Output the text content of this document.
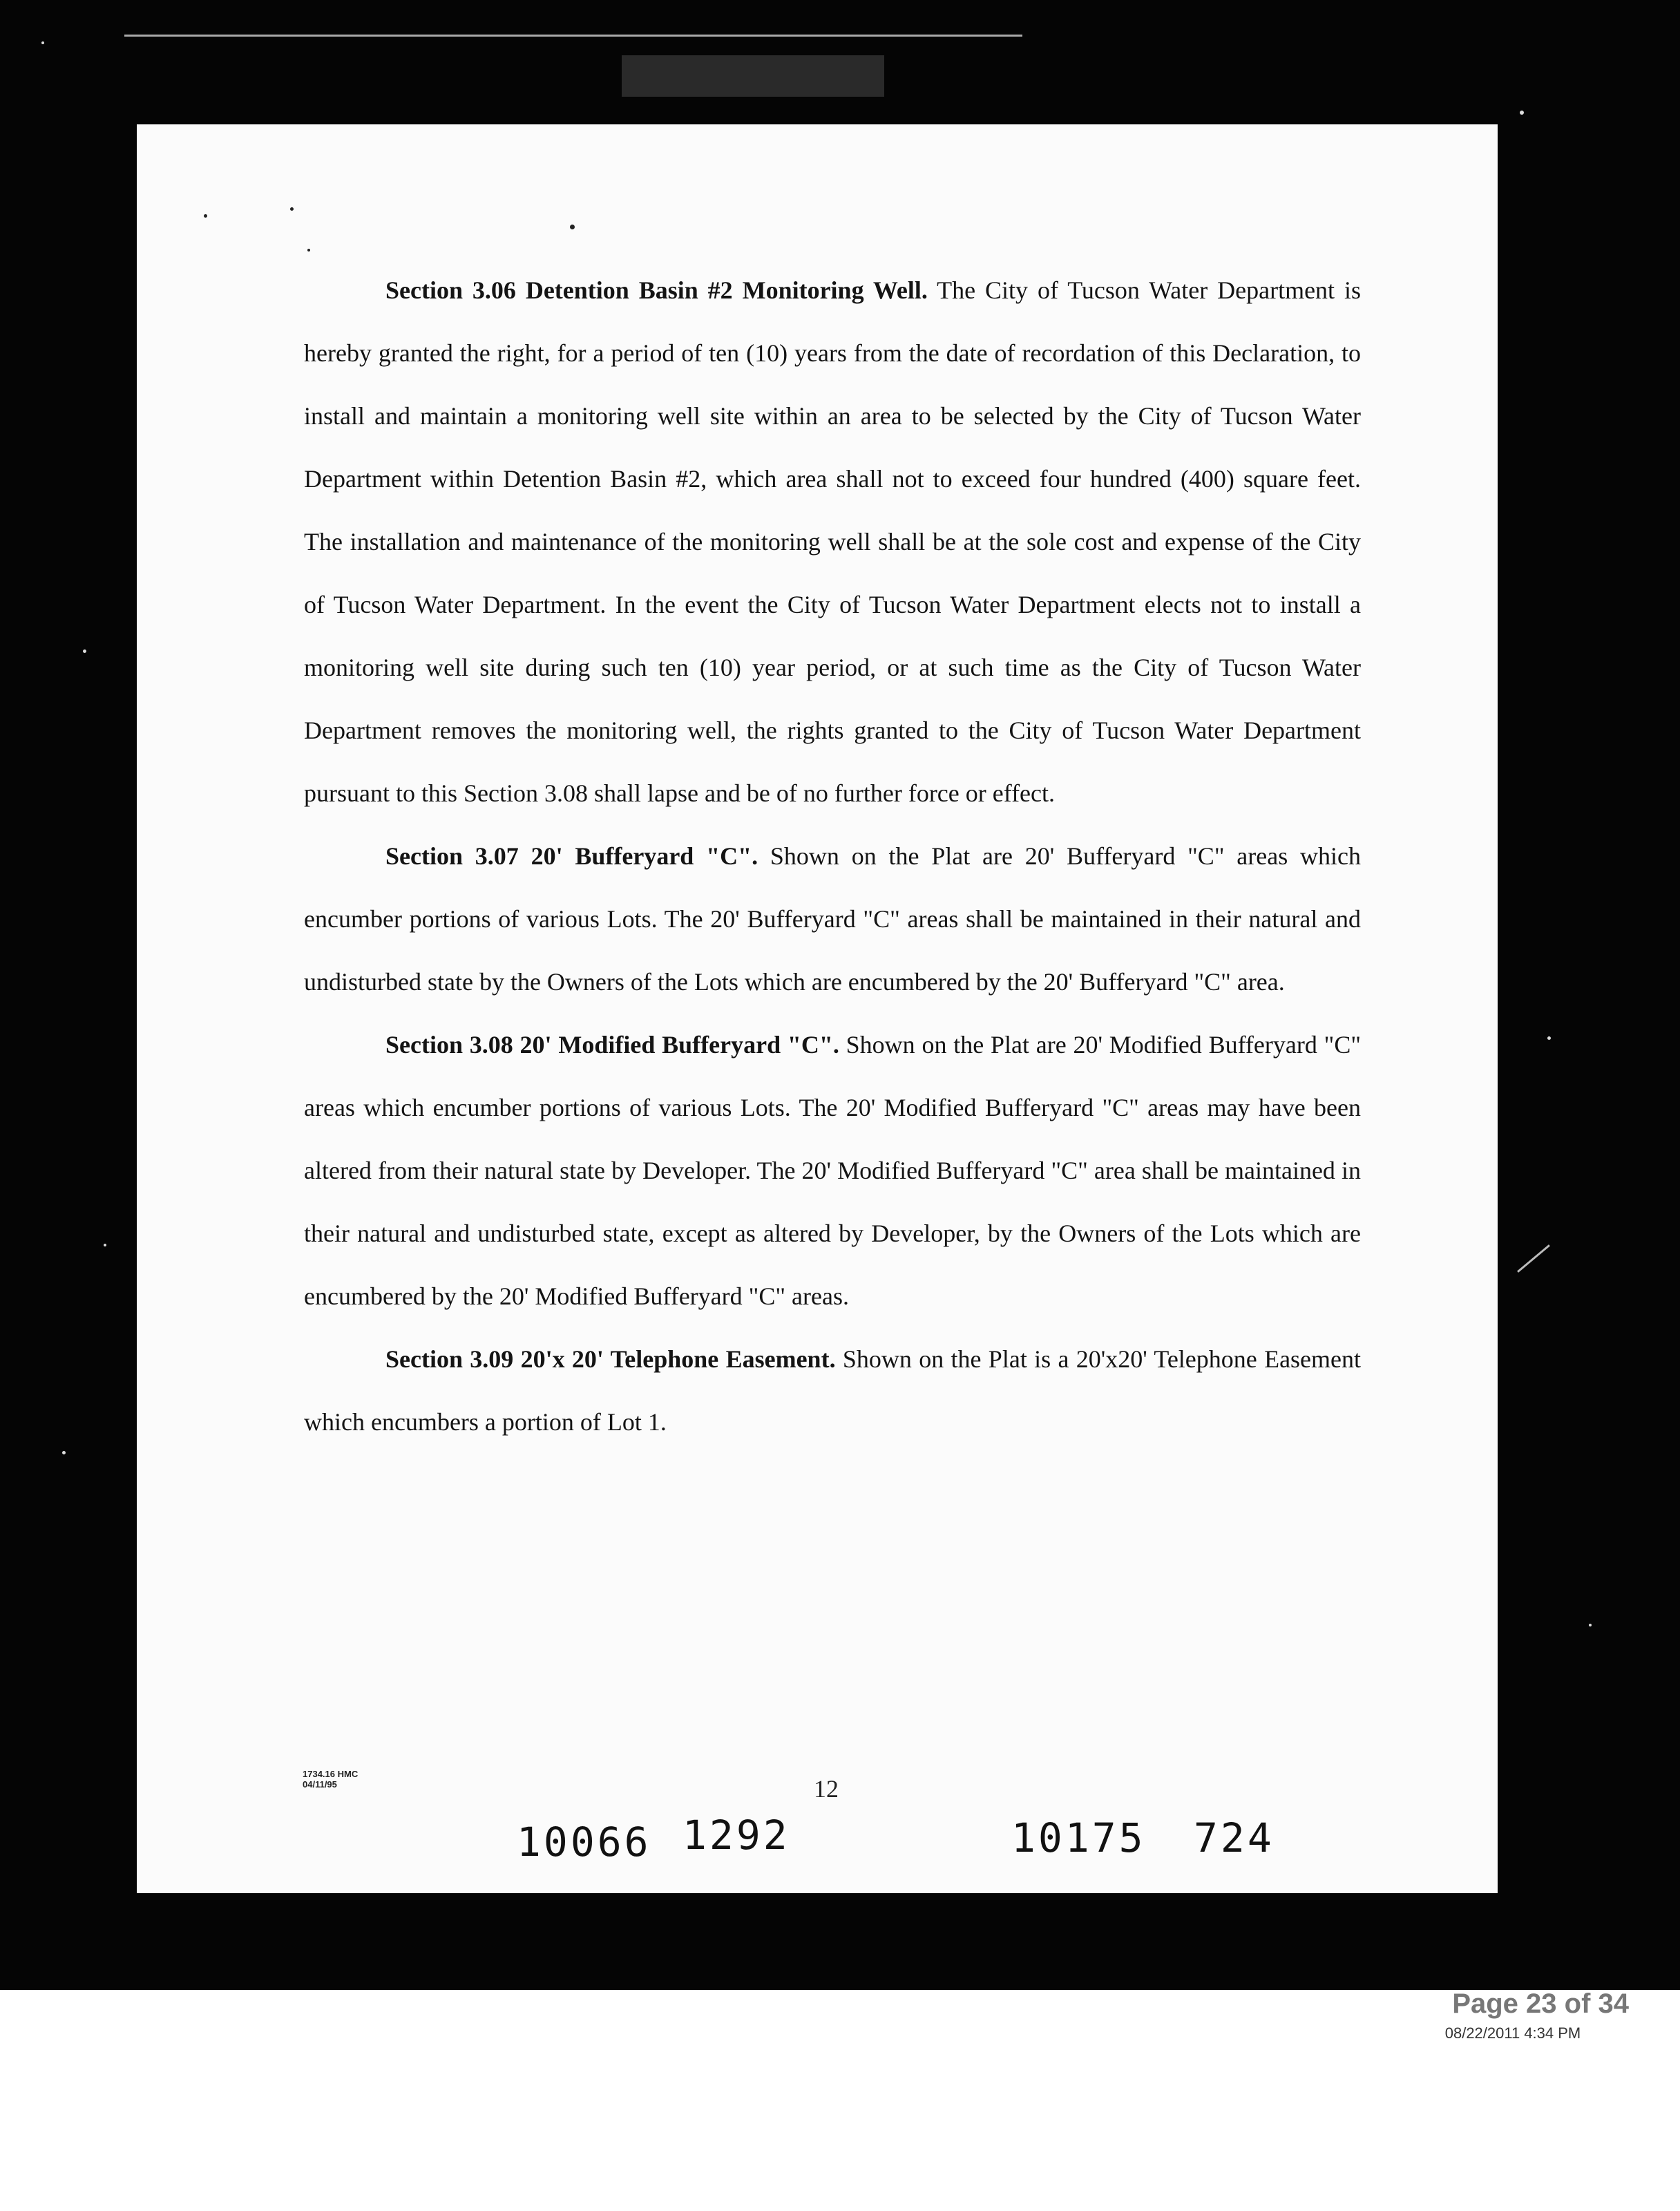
Section 3.06 Detention Basin #2 Monitoring Well. The City of Tucson Water Department is hereby granted the right, for a period of ten (10) years from the date of recordation of this Declaration, to install and maintain a monitoring well site within an area to be selected by the City of Tucson Water Department within Detention Basin #2, which area shall not to exceed four hundred (400) square feet. The installation and maintenance of the monitoring well shall be at the sole cost and expense of the City of Tucson Water Department. In the event the City of Tucson Water Department elects not to install a monitoring well site during such ten (10) year period, or at such time as the City of Tucson Water Department removes the monitoring well, the rights granted to the City of Tucson Water Department pursuant to this Section 3.08 shall lapse and be of no further force or effect.

Section 3.07 20' Bufferyard "C". Shown on the Plat are 20' Bufferyard "C" areas which encumber portions of various Lots. The 20' Bufferyard "C" areas shall be maintained in their natural and undisturbed state by the Owners of the Lots which are encumbered by the 20' Bufferyard "C" area.

Section 3.08 20' Modified Bufferyard "C". Shown on the Plat are 20' Modified Bufferyard "C" areas which encumber portions of various Lots. The 20' Modified Bufferyard "C" areas may have been altered from their natural state by Developer. The 20' Modified Bufferyard "C" area shall be maintained in their natural and undisturbed state, except as altered by Developer, by the Owners of the Lots which are encumbered by the 20' Modified Bufferyard "C" areas.

Section 3.09 20'x 20' Telephone Easement. Shown on the Plat is a 20'x20' Telephone Easement which encumbers a portion of Lot 1.

1734.16 HMC
04/11/95	12
10066 1292	10175 724
Page 23 of 34
08/22/2011 4:34 PM
